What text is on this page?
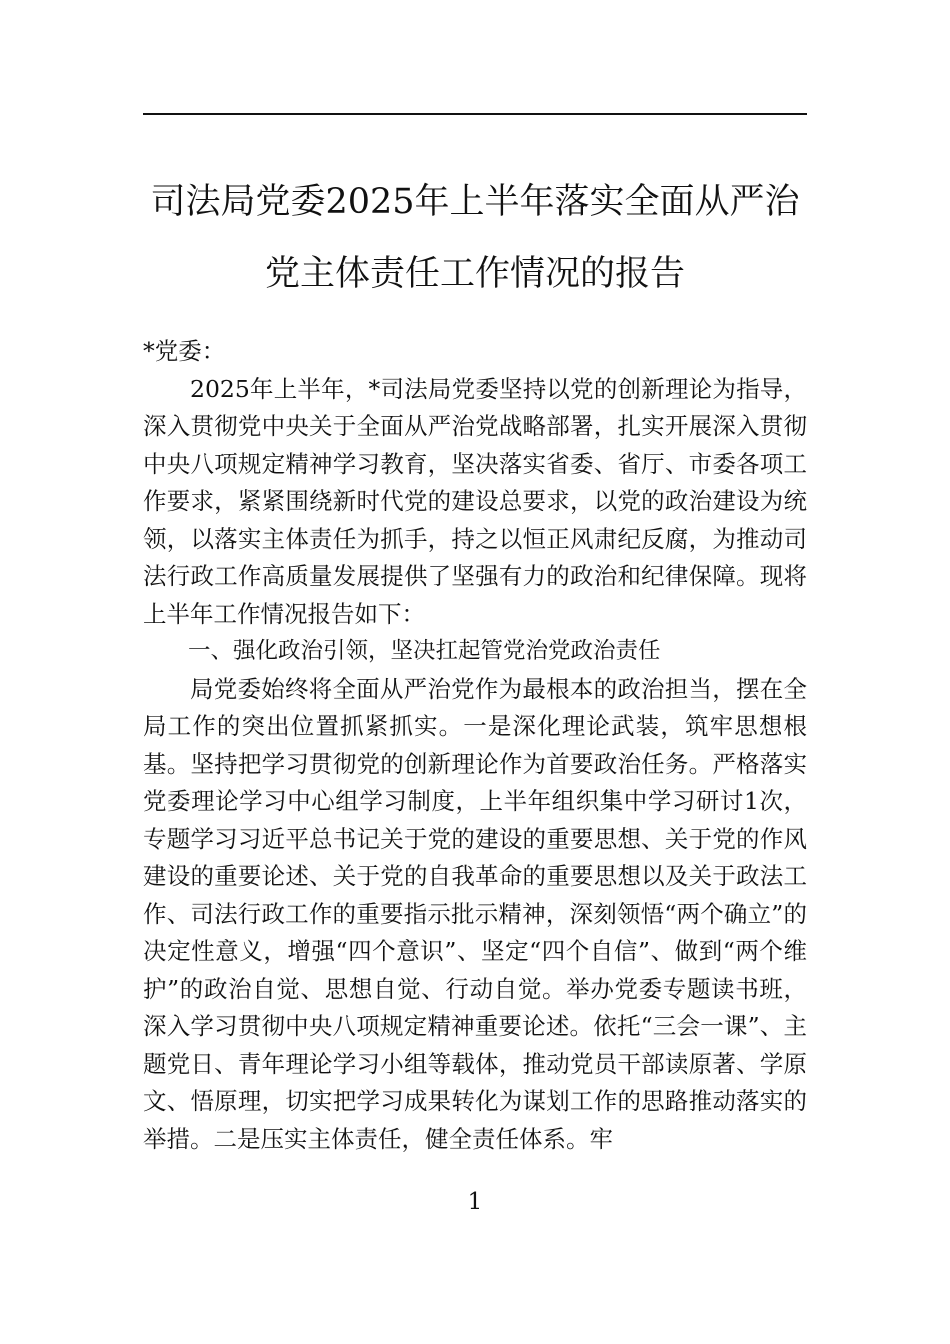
司法局党委2025年上半年落实全面从严治
党主体责任工作情况的报告

*党委：

2025年上半年，*司法局党委坚持以党的创新理论为指导，深入贯彻党中央关于全面从严治党战略部署，扎实开展深入贯彻中央八项规定精神学习教育，坚决落实省委、省厅、市委各项工作要求，紧紧围绕新时代党的建设总要求，以党的政治建设为统领，以落实主体责任为抓手，持之以恒正风肃纪反腐，为推动司法行政工作高质量发展提供了坚强有力的政治和纪律保障。现将上半年工作情况报告如下：

一、强化政治引领，坚决扛起管党治党政治责任

局党委始终将全面从严治党作为最根本的政治担当，摆在全局工作的突出位置抓紧抓实。一是深化理论武装，筑牢思想根基。坚持把学习贯彻党的创新理论作为首要政治任务。严格落实党委理论学习中心组学习制度，上半年组织集中学习研讨1次，专题学习习近平总书记关于党的建设的重要思想、关于党的作风建设的重要论述、关于党的自我革命的重要思想以及关于政法工作、司法行政工作的重要指示批示精神，深刻领悟“两个确立”的决定性意义，增强“四个意识”、坚定“四个自信”、做到“两个维护”的政治自觉、思想自觉、行动自觉。举办党委专题读书班，深入学习贯彻中央八项规定精神重要论述。依托“三会一课”、主题党日、青年理论学习小组等载体，推动党员干部读原著、学原文、悟原理，切实把学习成果转化为谋划工作的思路推动落实的举措。二是压实主体责任，健全责任体系。牢

1
